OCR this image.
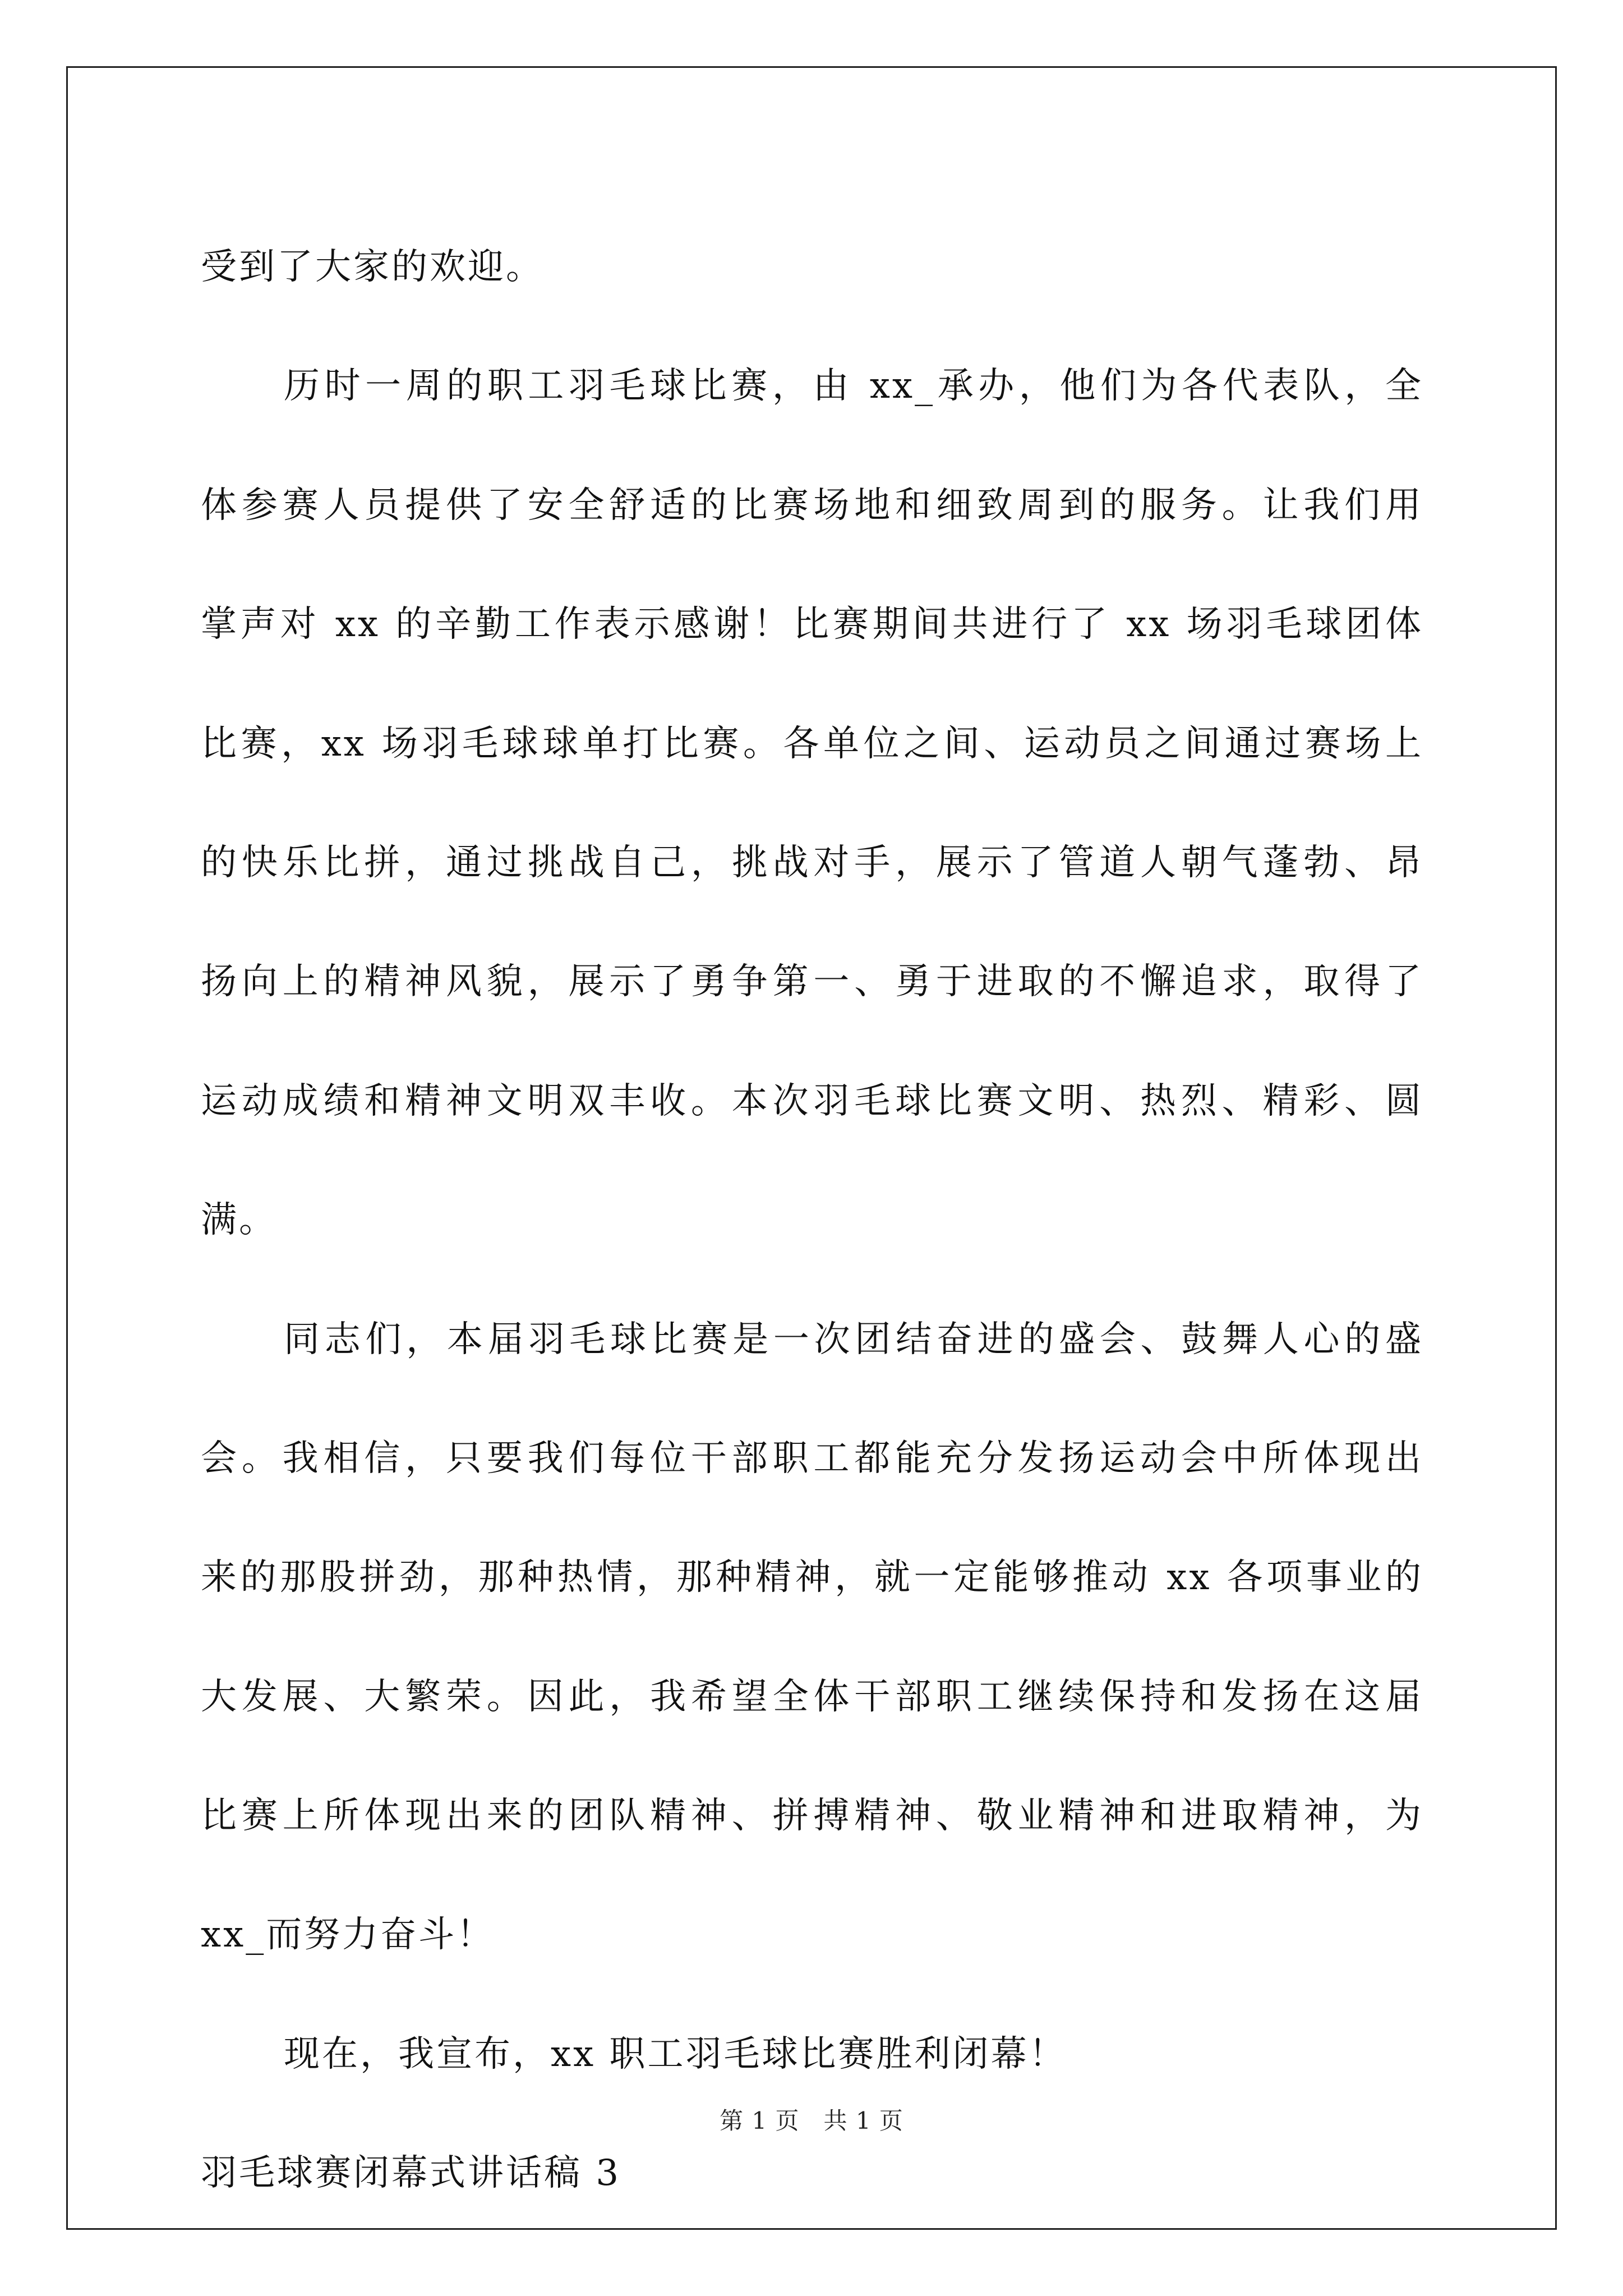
受到了大家的欢迎。
历时一周的职工羽毛球比赛，由 xx_承办，他们为各代表队，全
体参赛人员提供了安全舒适的比赛场地和细致周到的服务。让我们用
掌声对 xx 的辛勤工作表示感谢！比赛期间共进行了 xx 场羽毛球团体
比赛，xx 场羽毛球球单打比赛。各单位之间、运动员之间通过赛场上
的快乐比拼，通过挑战自己，挑战对手，展示了管道人朝气蓬勃、昂
扬向上的精神风貌，展示了勇争第一、勇于进取的不懈追求，取得了
运动成绩和精神文明双丰收。本次羽毛球比赛文明、热烈、精彩、圆
满。
同志们，本届羽毛球比赛是一次团结奋进的盛会、鼓舞人心的盛
会。我相信，只要我们每位干部职工都能充分发扬运动会中所体现出
来的那股拼劲，那种热情，那种精神，就一定能够推动 xx 各项事业的
大发展、大繁荣。因此，我希望全体干部职工继续保持和发扬在这届
比赛上所体现出来的团队精神、拼搏精神、敬业精神和进取精神，为
xx_而努力奋斗！
现在，我宣布，xx 职工羽毛球比赛胜利闭幕！
羽毛球赛闭幕式讲话稿 3
第 1 页　共 1 页
